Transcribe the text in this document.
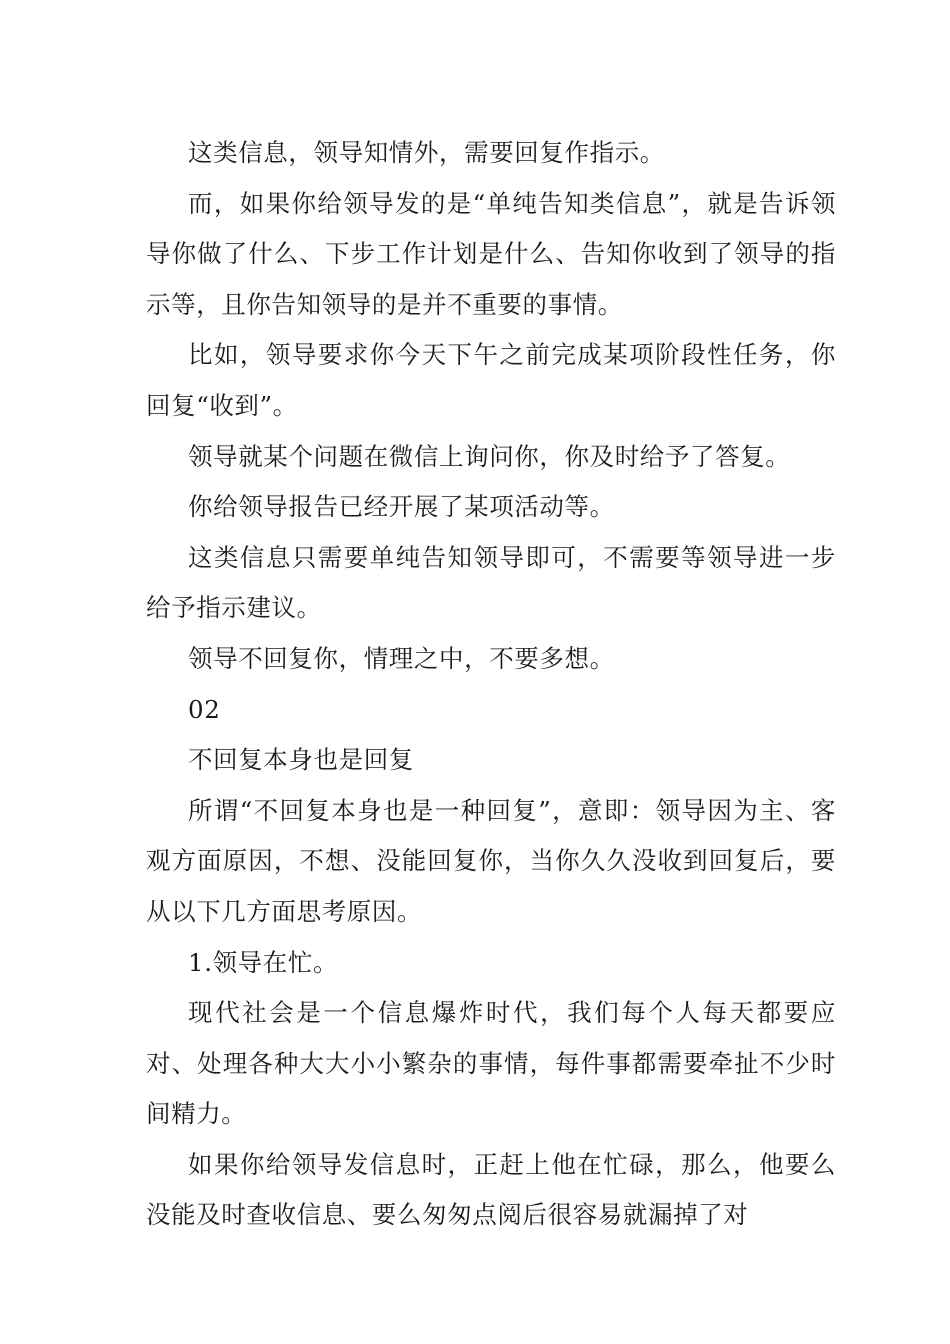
这类信息，领导知情外，需要回复作指示。

而，如果你给领导发的是“单纯告知类信息”，就是告诉领导你做了什么、下步工作计划是什么、告知你收到了领导的指示等，且你告知领导的是并不重要的事情。

比如，领导要求你今天下午之前完成某项阶段性任务，你回复“收到”。

领导就某个问题在微信上询问你，你及时给予了答复。

你给领导报告已经开展了某项活动等。

这类信息只需要单纯告知领导即可，不需要等领导进一步给予指示建议。

领导不回复你，情理之中，不要多想。

02

不回复本身也是回复

所谓“不回复本身也是一种回复”，意即：领导因为主、客观方面原因，不想、没能回复你，当你久久没收到回复后，要从以下几方面思考原因。

1.领导在忙。

现代社会是一个信息爆炸时代，我们每个人每天都要应对、处理各种大大小小繁杂的事情，每件事都需要牵扯不少时间精力。

如果你给领导发信息时，正赶上他在忙碌，那么，他要么没能及时查收信息、要么匆匆点阅后很容易就漏掉了对
